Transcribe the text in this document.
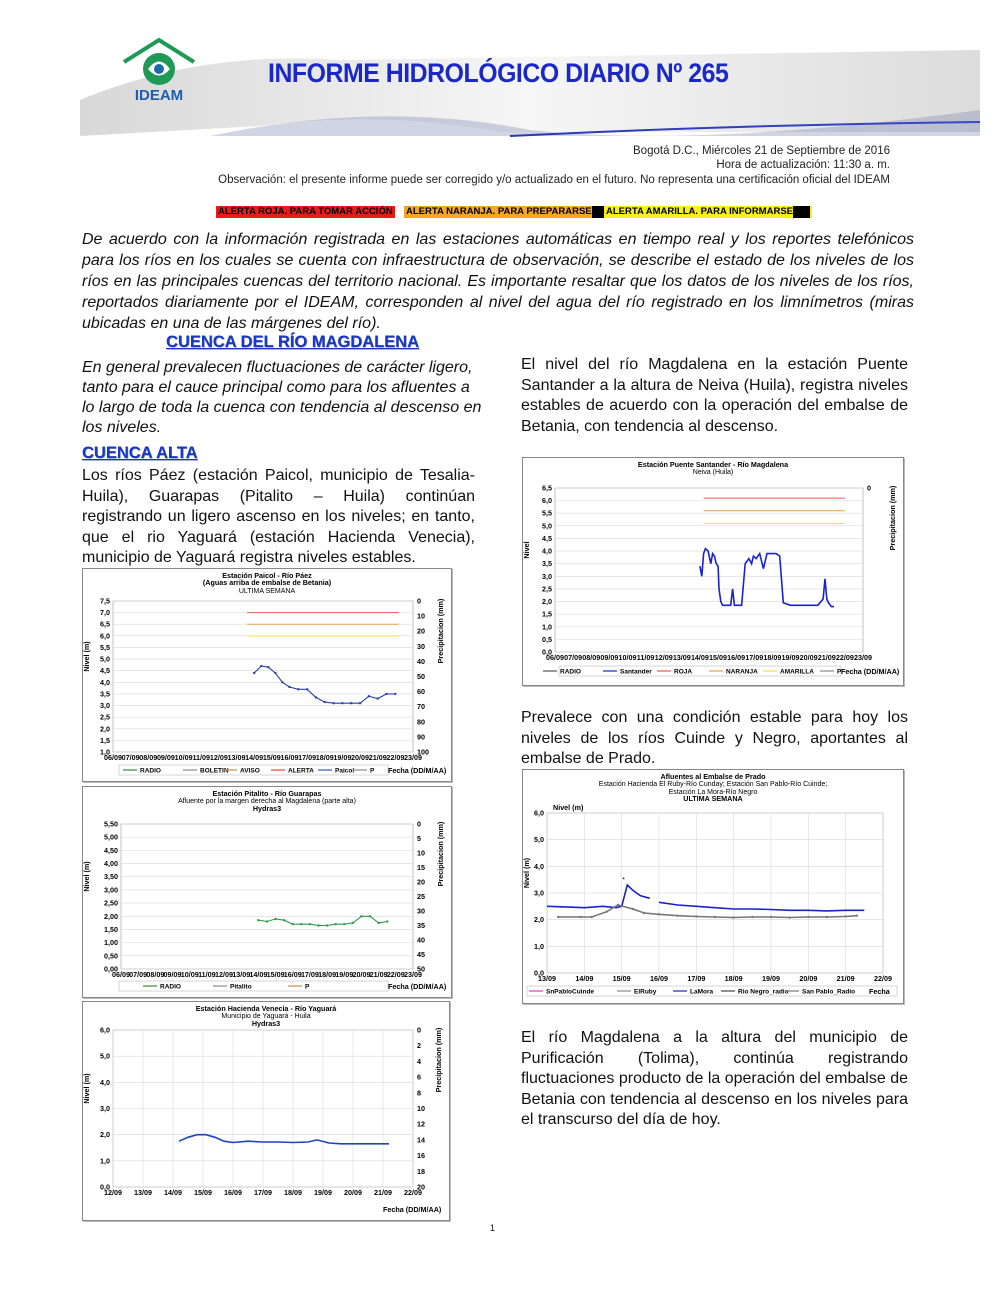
IDEAM
INFORME HIDROLÓGICO DIARIO Nº 265
Bogotá D.C., Miércoles 21 de Septiembre de 2016
Hora de actualización: 11:30 a. m.
Observación: el presente informe puede ser corregido y/o actualizado en el futuro. No representa una certificación oficial del IDEAM
ALERTA ROJA. PARA TOMAR ACCIÓN ALERTA NARANJA. PARA PREPARARSE	ALERTA AMARILLA. PARA INFORMARSE
De acuerdo con la información registrada en las estaciones automáticas en tiempo real y los reportes telefónicos para los ríos en los cuales se cuenta con infraestructura de observación, se describe el estado de los niveles de los ríos en las principales cuencas del territorio nacional. Es importante resaltar que los datos de los niveles de los ríos, reportados diariamente por el IDEAM, corresponden al nivel del agua del río registrado en los limnímetros (miras ubicadas en una de las márgenes del río).
CUENCA DEL RÍO MAGDALENA
En general prevalecen fluctuaciones de carácter ligero, tanto para el cauce principal como para los afluentes a lo largo de toda la cuenca con tendencia al descenso en los niveles.
CUENCA ALTA
Los ríos Páez (estación Paicol, municipio de Tesalia- Huila), Guarapas (Pitalito – Huila) continúan registrando un ligero ascenso en los niveles; en tanto, que el rio Yaguará (estación Hacienda Venecia), municipio de Yaguará registra niveles estables.
Estación Paicol - Río Páez
(Aguas arriba de embalse de Betania)
ULTIMA SEMANA
1,0
1,5
2,0
2,5
3,0
3,5
4,0
4,5
5,0
5,5
6,0
6,5
7,0
7,5	0
10
20
30
40
50
60
70
80
90
100
06/09 07/09 08/09 09/09 10/09 11/09 12/09 13/09 14/09 15/09 16/09 17/09 18/09 19/09 20/09 21/09 22/09 23/09
Nivel (m)	Precipitacion (mm)
RADIO	BOLETIN AVISO	ALERTA	Paicol P Fecha (DD/M/AA)
Estación Pitalito - Río Guarapas
Afluente por la margen derecha al Magdalena (parte alta)
Hydras3
0,00
0,50
1,00
1,50
2,00
2,50
3,00
3,50
4,00
4,50
5,00
5,50	0
5
10
15
20
25
30
35
40
45
50
06/09 07/09 08/09 09/09 10/09 11/09 12/09 13/09 14/09 15/09 16/09 17/09 18/09 19/09 20/09 21/09 22/09 23/09
Nivel (m)	Precipitacion (mm)
RADIO	Pitalito	P	Fecha (DD/M/AA)
Estación Hacienda Venecia - Río Yaguará
Municipio de Yaguará - Huila
Hydras3
0,0
1,0
2,0
3,0
4,0
5,0
6,0	0
2
4
6
8
10
12
14
16
18
20
12/09 13/09 14/09 15/09 16/09 17/09 18/09 19/09 20/09 21/09 22/09
Nivel (m)	Precipitacion (mm)
Fecha (DD/M/AA)
El nivel del río Magdalena en la estación Puente Santander a la altura de Neiva (Huila), registra niveles estables de acuerdo con la operación del embalse de Betania, con tendencia al descenso.
Estación Puente Santander - Río Magdalena
Neiva (Huila)
0,0
0,5
1,0
1,5
2,0
2,5
3,0
3,5
4,0
4,5
5,0
5,5
6,0
6,5	0
06/09 07/09 08/09 09/09 10/09 11/09 12/09 13/09 14/09 15/09 16/09 17/09 18/09 19/09 20/09 21/09 22/09 23/09
Nivel	Precipitacion (mm)
RADIO	Santander	ROJA	NARANJA	AMARILLA	P Fecha (DD/M/AA)
Prevalece con una condición estable para hoy los niveles de los ríos Cuinde y Negro, aportantes al embalse de Prado.
Afluentes al Embalse de Prado
Estación Hacienda El Ruby-Río Cunday; Estación San Pablo-Río Cuinde;
Estación La Mora-Río Negro
ULTIMA SEMANA
0,0
1,0
2,0
3,0
4,0
5,0
6,0
13/09	14/09	15/09	16/09	17/09	18/09	19/09	20/09	21/09	22/09
Nivel (m)
Nivel (m)
SnPabloCuinde	ElRuby	LaMora	Rio Negro_radio San Pablo_Radio Fecha
El río Magdalena a la altura del municipio de Purificación (Tolima), continúa registrando fluctuaciones producto de la operación del embalse de Betania con tendencia al descenso en los niveles para el transcurso del día de hoy.
1
